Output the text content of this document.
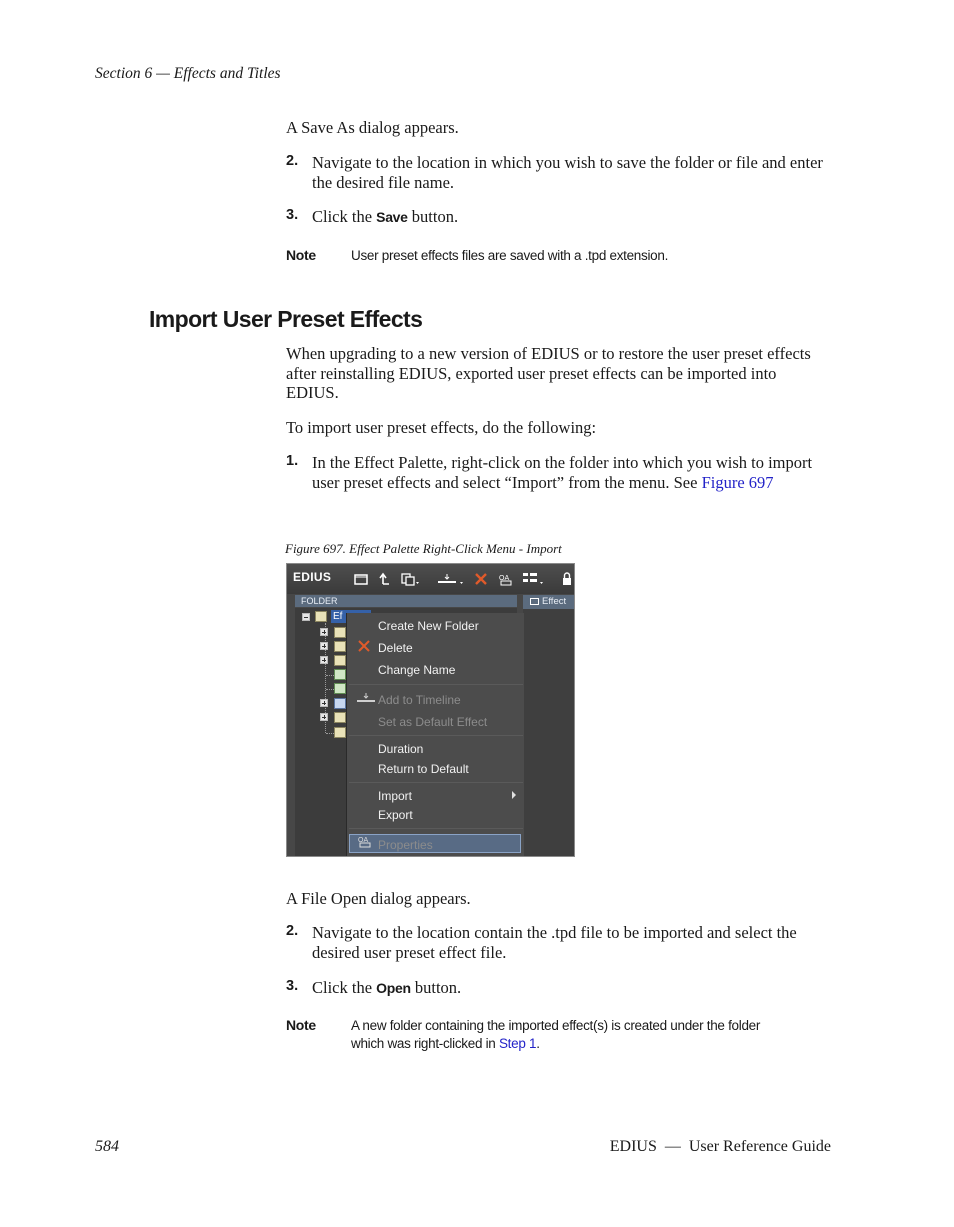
Section 6 — Effects and Titles
A Save As dialog appears.
2. Navigate to the location in which you wish to save the folder or file and enter the desired file name.
3. Click the Save button.
Note	User preset effects files are saved with a .tpd extension.
Import User Preset Effects
When upgrading to a new version of EDIUS or to restore the user preset effects after reinstalling EDIUS, exported user preset effects can be imported into EDIUS.
To import user preset effects, do the following:
1. In the Effect Palette, right-click on the folder into which you wish to import user preset effects and select “Import” from the menu. See Figure 697
Figure 697. Effect Palette Right-Click Menu - Import
EDIUS	OA
FOLDER	Effect
Ef
Create New Folder
Delete
Change Name
Add to Timeline
Set as Default Effect
Duration
Return to Default
Import
Export
OA Properties
A File Open dialog appears.
2. Navigate to the location contain the .tpd file to be imported and select the desired user preset effect file.
3. Click the Open button.
Note	A new folder containing the imported effect(s) is created under the folder which was right-clicked in Step 1.
584	EDIUS  —  User Reference Guide
